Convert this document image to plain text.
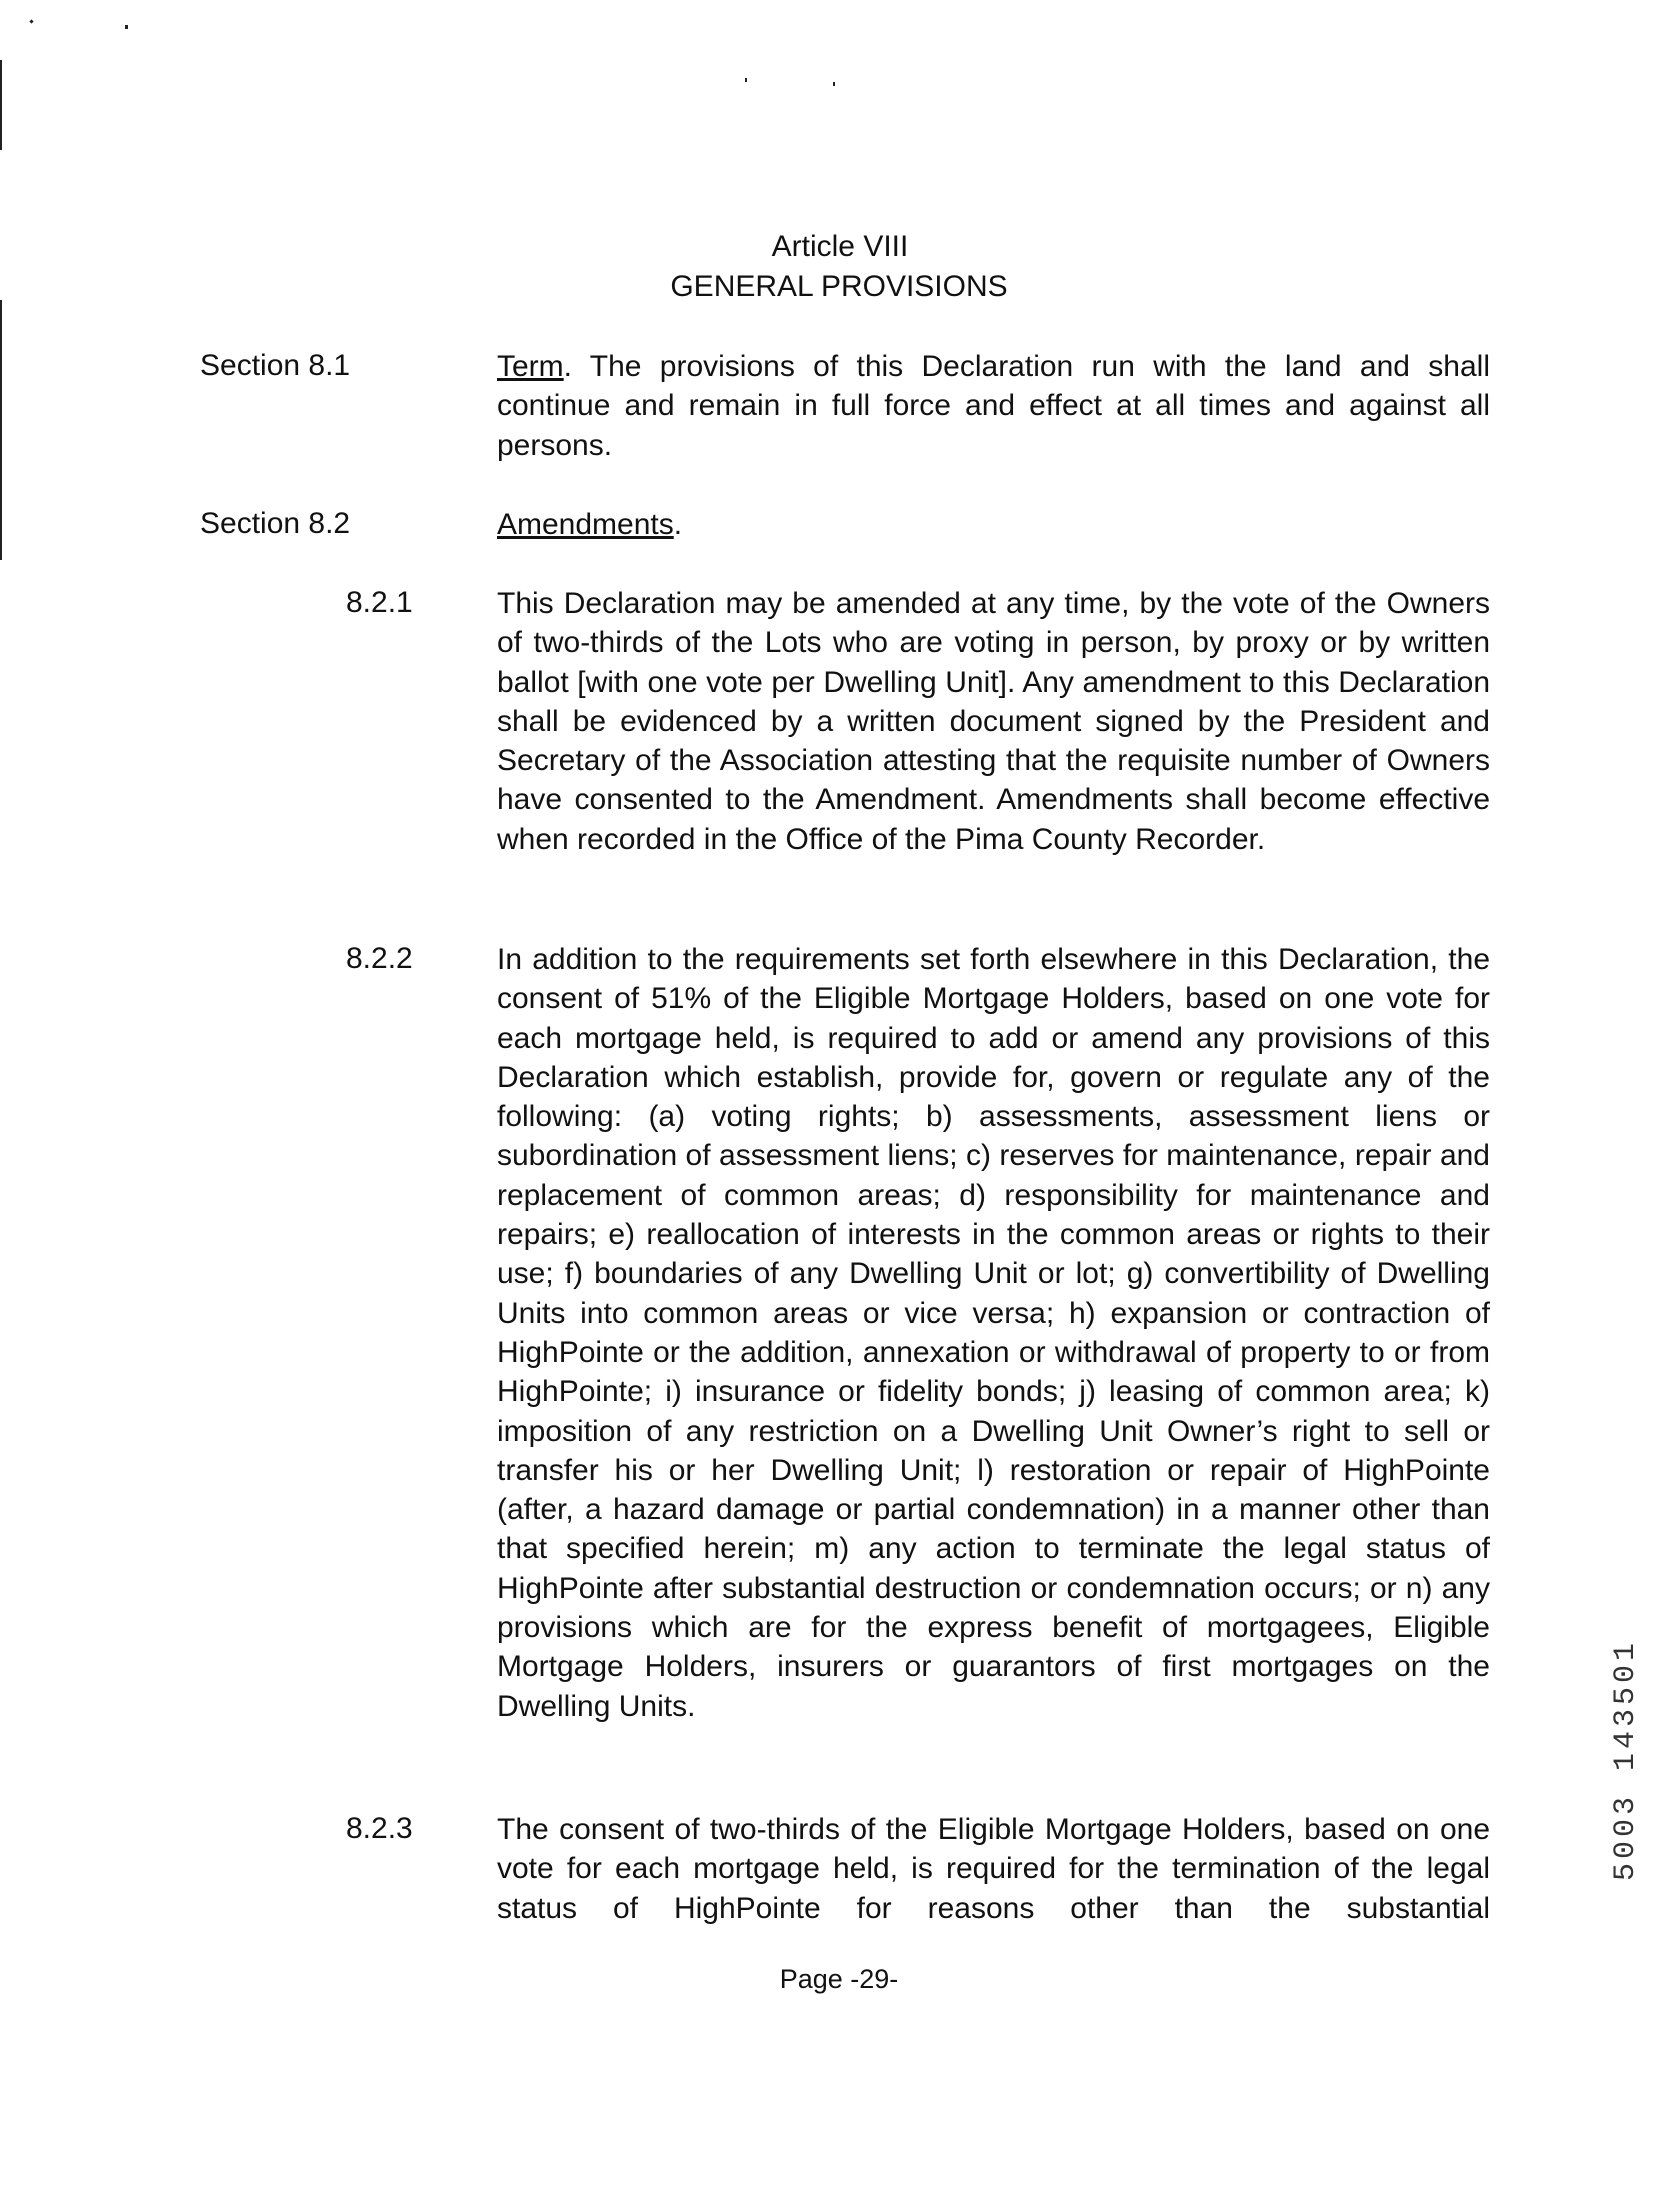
Article VIII
GENERAL PROVISIONS
Section 8.1	Term. The provisions of this Declaration run with the land and shall continue and remain in full force and effect at all times and against all persons.
Section 8.2	Amendments.
8.2.1	This Declaration may be amended at any time, by the vote of the Owners of two-thirds of the Lots who are voting in person, by proxy or by written ballot [with one vote per Dwelling Unit]. Any amendment to this Declaration shall be evidenced by a written document signed by the President and Secretary of the Association attesting that the requisite number of Owners have consented to the Amendment. Amendments shall become effective when recorded in the Office of the Pima County Recorder.
8.2.2	In addition to the requirements set forth elsewhere in this Declaration, the consent of 51% of the Eligible Mortgage Holders, based on one vote for each mortgage held, is required to add or amend any provisions of this Declaration which establish, provide for, govern or regulate any of the following: (a) voting rights; b) assessments, assessment liens or subordination of assessment liens; c) reserves for maintenance, repair and replacement of common areas; d) responsibility for maintenance and repairs; e) reallocation of interests in the common areas or rights to their use; f) boundaries of any Dwelling Unit or lot; g) convertibility of Dwelling Units into common areas or vice versa; h) expansion or contraction of HighPointe or the addition, annexation or withdrawal of property to or from HighPointe; i) insurance or fidelity bonds; j) leasing of common area; k) imposition of any restriction on a Dwelling Unit Owner’s right to sell or transfer his or her Dwelling Unit; l) restoration or repair of HighPointe (after, a hazard damage or partial condemnation) in a manner other than that specified herein; m) any action to terminate the legal status of HighPointe after substantial destruction or condemnation occurs; or n) any provisions which are for the express benefit of mortgagees, Eligible Mortgage Holders, insurers or guarantors of first mortgages on the Dwelling Units.
8.2.3	The consent of two-thirds of the Eligible Mortgage Holders, based on one vote for each mortgage held, is required for the termination of the legal status of HighPointe for reasons other than the substantial
Page -29-
5003 143501
